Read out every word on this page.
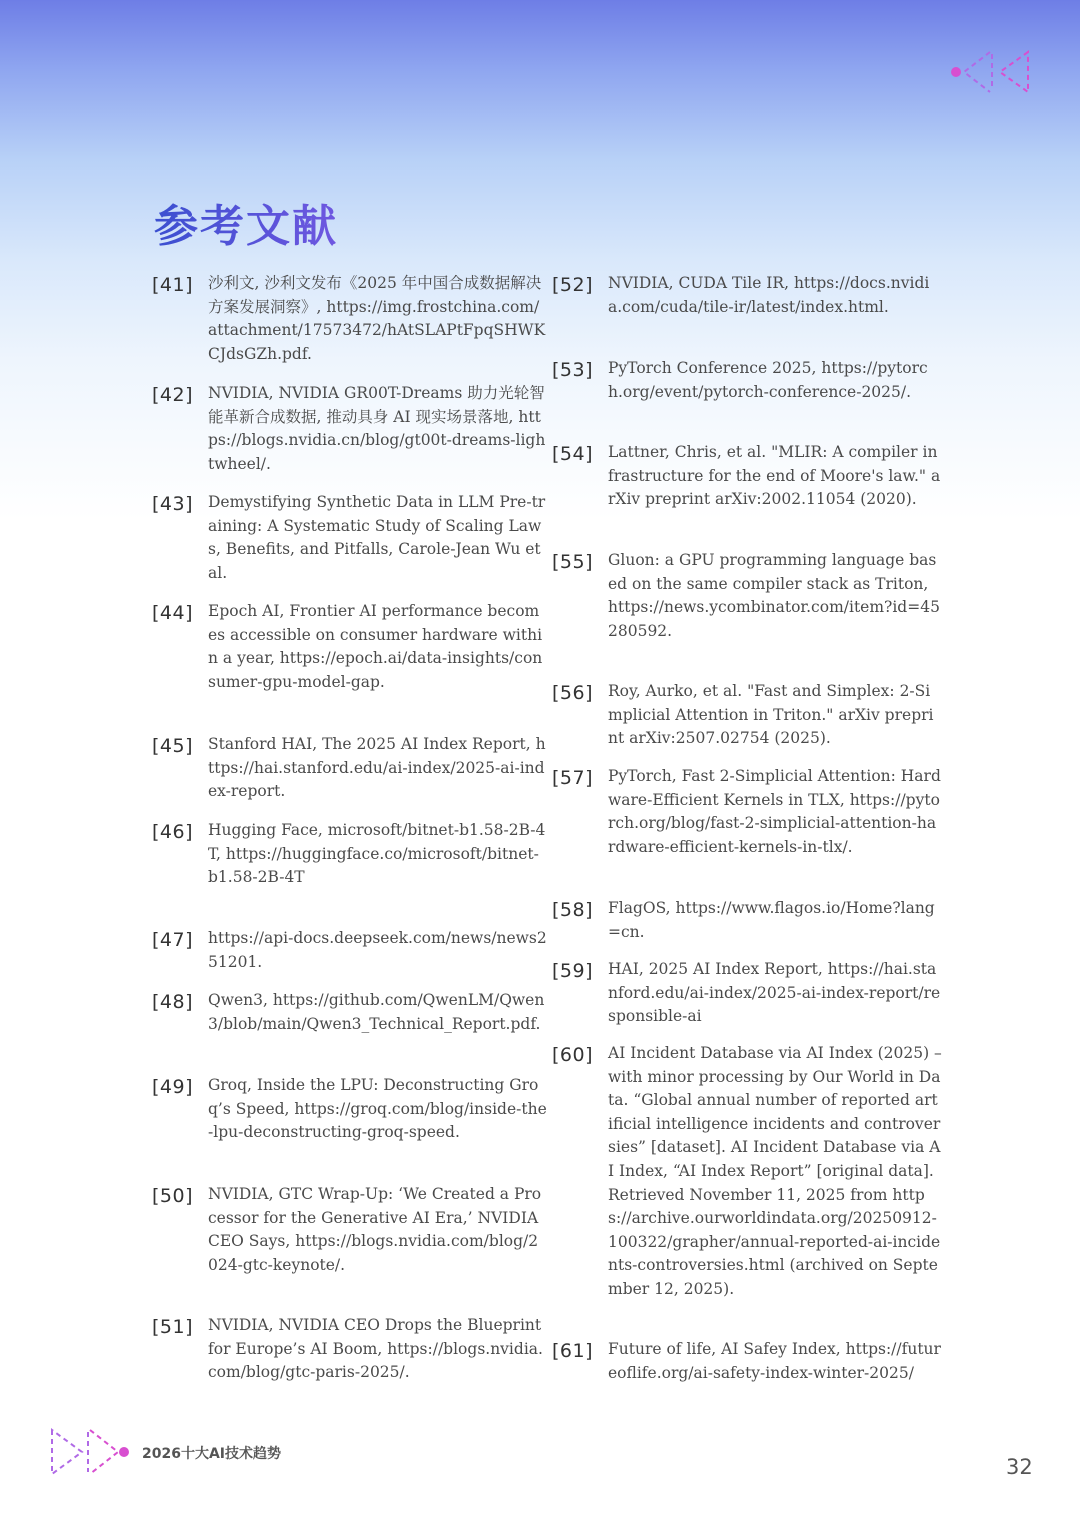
参考文献
[41] 沙利文, 沙利文发布《2025 年中国合成数据解决方案发展洞察》, https://img.frostchina.com/attachment/17573472/hAtSLAPtFpqSHWKCJdsGZh.pdf.
[42] NVIDIA, NVIDIA GR00T-Dreams 助力光轮智能革新合成数据, 推动具身 AI 现实场景落地, https://blogs.nvidia.cn/blog/gt00t-dreams-lightwheel/.
[43] Demystifying Synthetic Data in LLM Pre-training: A Systematic Study of Scaling Laws, Benefits, and Pitfalls, Carole-Jean Wu et al.
[44] Epoch AI, Frontier AI performance becomes accessible on consumer hardware within a year, https://epoch.ai/data-insights/consumer-gpu-model-gap.
[45] Stanford HAI, The 2025 AI Index Report, https://hai.stanford.edu/ai-index/2025-ai-index-report.
[46] Hugging Face, microsoft/bitnet-b1.58-2B-4T, https://huggingface.co/microsoft/bitnet-b1.58-2B-4T
[47] https://api-docs.deepseek.com/news/news251201.
[48] Qwen3, https://github.com/QwenLM/Qwen3/blob/main/Qwen3_Technical_Report.pdf.
[49] Groq, Inside the LPU: Deconstructing Groq’s Speed, https://groq.com/blog/inside-the-lpu-deconstructing-groq-speed.
[50] NVIDIA, GTC Wrap-Up: ‘We Created a Processor for the Generative AI Era,’ NVIDIA CEO Says, https://blogs.nvidia.com/blog/2024-gtc-keynote/.
[51] NVIDIA, NVIDIA CEO Drops the Blueprint for Europe’s AI Boom, https://blogs.nvidia.com/blog/gtc-paris-2025/.
[52] NVIDIA, CUDA Tile IR, https://docs.nvidia.com/cuda/tile-ir/latest/index.html.
[53] PyTorch Conference 2025, https://pytorch.org/event/pytorch-conference-2025/.
[54] Lattner, Chris, et al. "MLIR: A compiler infrastructure for the end of Moore's law." arXiv preprint arXiv:2002.11054 (2020).
[55] Gluon: a GPU programming language based on the same compiler stack as Triton, https://news.ycombinator.com/item?id=45280592.
[56] Roy, Aurko, et al. "Fast and Simplex: 2-Simplicial Attention in Triton." arXiv preprint arXiv:2507.02754 (2025).
[57] PyTorch, Fast 2-Simplicial Attention: Hardware-Efficient Kernels in TLX, https://pytorch.org/blog/fast-2-simplicial-attention-hardware-efficient-kernels-in-tlx/.
[58] FlagOS, https://www.flagos.io/Home?lang=cn.
[59] HAI, 2025 AI Index Report, https://hai.stanford.edu/ai-index/2025-ai-index-report/responsible-ai
[60] AI Incident Database via AI Index (2025) – with minor processing by Our World in Data. “Global annual number of reported artificial intelligence incidents and controversies” [dataset]. AI Incident Database via AI Index, “AI Index Report” [original data]. Retrieved November 11, 2025 from https://archive.ourworldindata.org/20250912-100322/grapher/annual-reported-ai-incidents-controversies.html (archived on September 12, 2025).
[61] Future of life, AI Safey Index, https://futureoflife.org/ai-safety-index-winter-2025/
2026十大AI技术趋势
32
